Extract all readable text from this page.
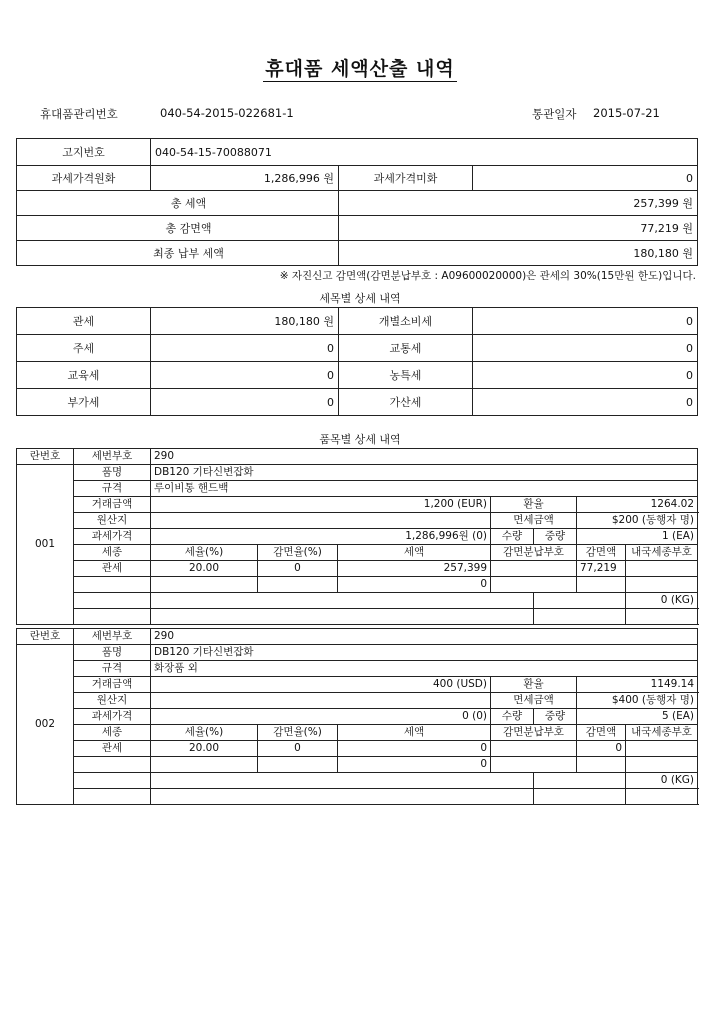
휴대품 세액산출 내역
휴대품관리번호	040-54-2015-022681-1	통관일자 2015-07-21
고지번호	040-54-15-70088071		
과세가격원화	1,286,996 원	과세가격미화	0
총 세액		257,399 원	
총 감면액		77,219 원	
최종 납부 세액		180,180 원	
※ 자진신고 감면액(감면분납부호 : A09600020000)은 관세의 30%(15만원 한도)입니다.
세목별 상세 내역
관세	180,180 원	개별소비세	0
주세	0	교통세	0
교육세	0	농특세	0
부가세	0	가산세	0
품목별 상세 내역
란번호	세번부호	290							
001	품명	DB120 기타신변잡화							
	규격	루이비통 핸드백							
	거래금액	1,200 (EUR)			환율		1264.02		
	원산지				면세금액		$200 (동행자 명)		
	과세가격	1,286,996원 (0)			수량	중량	1 (EA)	
	세종	세율(%)	감면율(%)	세액	감면분납부호		감면액	내국세종부호	
	관세	20.00	0	257,399			77,219		
				0					
								0 (KG)	

란번호	세번부호	290							
002	품명	DB120 기타신변잡화							
	규격	화장품 외							
	거래금액	400 (USD)			환율		1149.14		
	원산지				면세금액		$400 (동행자 명)		
	과세가격	0 (0)			수량	중량	5 (EA)	
	세종	세율(%)	감면율(%)	세액	감면분납부호		감면액	내국세종부호	
	관세	20.00	0	0			0		
				0					
								0 (KG)	
